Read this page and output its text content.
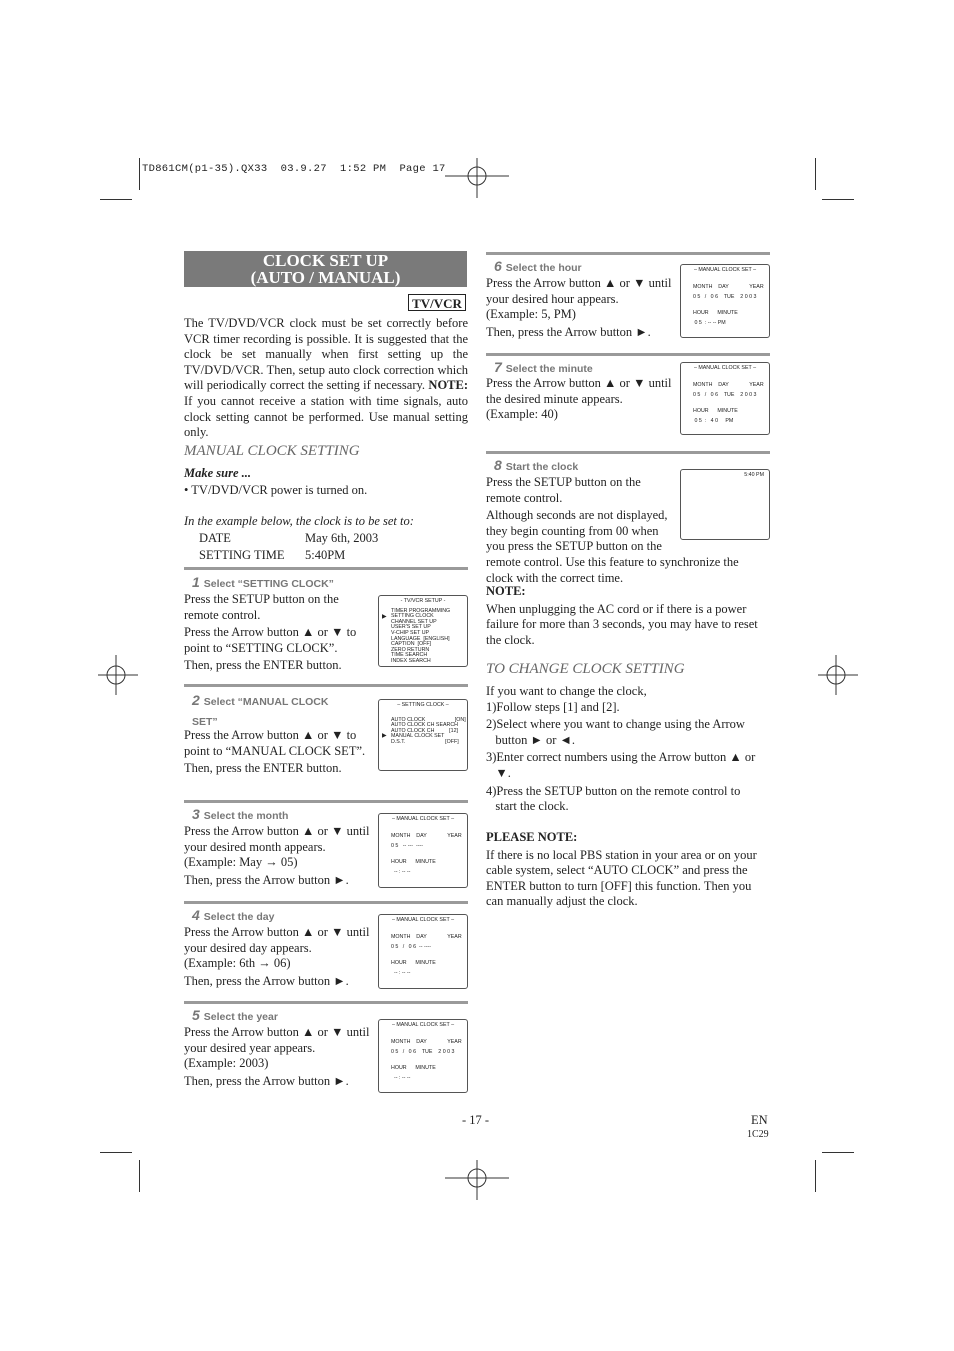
TD861CM(p1-35).QX33  03.9.27  1:52 PM  Page 17
CLOCK SET UP
(AUTO / MANUAL)
TV/VCR

The TV/DVD/VCR clock must be set correctly before VCR timer recording is possible. It is suggested that the clock be set manually when first setting up the TV/DVD/VCR. Then, setup auto clock correction which will periodically correct the setting if necessary. NOTE: If you cannot receive a station with time signals, auto clock setting cannot be performed. Use manual setting only.

MANUAL CLOCK SETTING
Make sure ...
• TV/DVD/VCR power is turned on.
In the example below, the clock is to be set to:
DATE	May 6th, 2003
SETTING TIME 5:40PM
1 Select “SETTING CLOCK”

Press the SETUP button on the

remote control.

Press the Arrow button ▲ or ▼ to

point to “SETTING CLOCK”.

Then, press the ENTER button.

- TV/VCR SETUP -
▶
TIMER PROGRAMMING
SETTING CLOCK
CHANNEL SET UP
USER'S SET UP
V-CHIP SET UP
LANGUAGE  [ENGLISH]
CAPTION  [OFF]
ZERO RETURN
TIME SEARCH
INDEX SEARCH
2 Select “MANUAL CLOCK
SET”

Press the Arrow button ▲ or ▼ to

point to “MANUAL CLOCK SET”.

Then, press the ENTER button.

– SETTING CLOCK –
▶
AUTO CLOCK                    [ON]
AUTO CLOCK CH SEARCH
AUTO CLOCK CH          [12]
MANUAL CLOCK SET
D.S.T.                           [OFF]
3 Select the month

Press the Arrow button ▲ or ▼ until

your desired month appears.

(Example: May → 05)

Then, press the Arrow button ►.

– MANUAL CLOCK SET –
MONTH    DAY              YEAR
0 5   -- ---  ----
HOUR      MINUTE
-- : -- --
4 Select the day

Press the Arrow button ▲ or ▼ until

your desired day appears.

(Example: 6th → 06)

Then, press the Arrow button ►.

– MANUAL CLOCK SET –
MONTH    DAY              YEAR
0 5   /   0 6  -- ----
HOUR      MINUTE
-- : -- --
5 Select the year

Press the Arrow button ▲ or ▼ until

your desired year appears.

(Example: 2003)

Then, press the Arrow button ►.

– MANUAL CLOCK SET –
MONTH    DAY              YEAR
0 5   /   0 6    TUE    2 0 0 3
HOUR      MINUTE
-- : -- --
6 Select the hour

Press the Arrow button ▲ or ▼ until

your desired hour appears.

(Example: 5, PM)

Then, press the Arrow button ►.

– MANUAL CLOCK SET –
MONTH    DAY              YEAR
0 5   /   0 6    TUE    2 0 0 3
HOUR      MINUTE
0 5  : -- -- PM
7 Select the minute

Press the Arrow button ▲ or ▼ until

the desired minute appears.

(Example: 40)

– MANUAL CLOCK SET –
MONTH    DAY              YEAR
0 5   /   0 6    TUE    2 0 0 3
HOUR      MINUTE
0 5  :   4 0     PM
8 Start the clock

Press the SETUP button on the

remote control.

Although seconds are not displayed,

they begin counting from 00 when

you press the SETUP button on the

remote control. Use this feature to synchronize the

clock with the correct time.

5:40 PM

NOTE:

When unplugging the AC cord or if there is a power failure for more than 3 seconds, you may have to reset the clock.

TO CHANGE CLOCK SETTING

If you want to change the clock,

1)Follow steps [1] and [2].

2)Select where you want to change using the Arrow

button ► or ◄.

3)Enter correct numbers using the Arrow button ▲ or

▼.

4)Press the SETUP button on the remote control to

start the clock.

PLEASE NOTE:

If there is no local PBS station in your area or on your cable system, select “AUTO CLOCK” and press the ENTER button to turn [OFF] this function. Then you can manually adjust the clock.

- 17 -	EN
1C29
